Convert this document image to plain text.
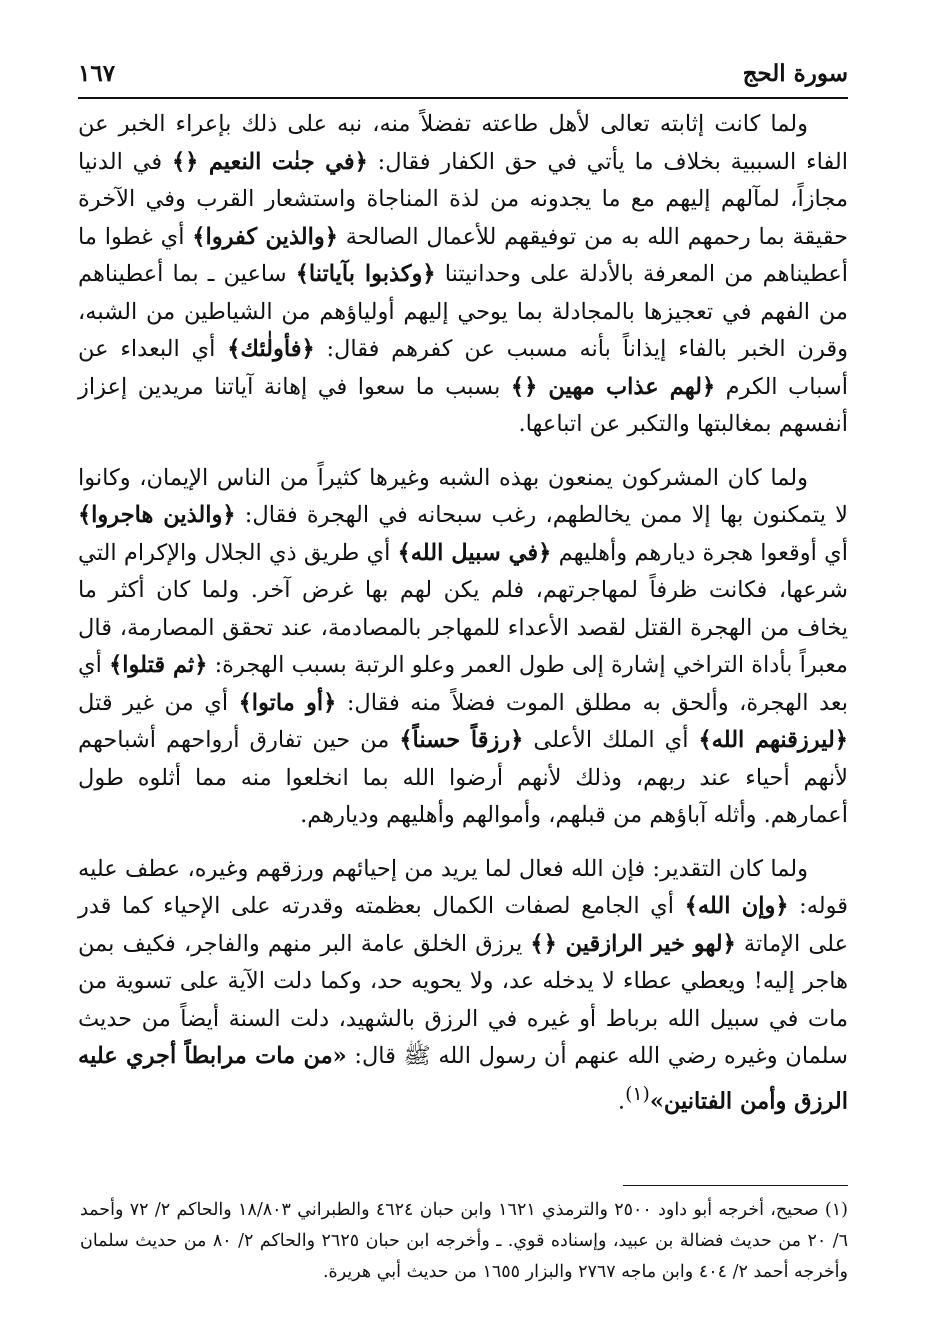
سورة الحج
١٦٧

ولما كانت إثابته تعالى لأهل طاعته تفضلاً منه، نبه على ذلك بإعراء الخبر عن الفاء السببية بخلاف ما يأتي في حق الكفار فقال: ﴿في جنٰت النعيم ﴿﴾ في الدنيا مجازاً، لمآلهم إليهم مع ما يجدونه من لذة المناجاة واستشعار القرب وفي الآخرة حقيقة بما رحمهم الله به من توفيقهم للأعمال الصالحة ﴿والذين كفروا﴾ أي غطوا ما أعطيناهم من المعرفة بالأدلة على وحدانيتنا ﴿وكذبوا بآياتنا﴾ ساعين ـ بما أعطيناهم من الفهم في تعجيزها بالمجادلة بما يوحي إليهم أولياؤهم من الشياطين من الشبه، وقرن الخبر بالفاء إيذاناً بأنه مسبب عن كفرهم فقال: ﴿فأولٰئك﴾ أي البعداء عن أسباب الكرم ﴿لهم عذاب مهين ﴿﴾ بسبب ما سعوا في إهانة آياتنا مريدين إعزاز أنفسهم بمغالبتها والتكبر عن اتباعها.

ولما كان المشركون يمنعون بهذه الشبه وغيرها كثيراً من الناس الإيمان، وكانوا لا يتمكنون بها إلا ممن يخالطهم، رغب سبحانه في الهجرة فقال: ﴿والذين هاجروا﴾ أي أوقعوا هجرة ديارهم وأهليهم ﴿في سبيل الله﴾ أي طريق ذي الجلال والإكرام التي شرعها، فكانت ظرفاً لمهاجرتهم، فلم يكن لهم بها غرض آخر. ولما كان أكثر ما يخاف من الهجرة القتل لقصد الأعداء للمهاجر بالمصادمة، عند تحقق المصارمة، قال معبراً بأداة التراخي إشارة إلى طول العمر وعلو الرتبة بسبب الهجرة: ﴿ثم قتلوا﴾ أي بعد الهجرة، وألحق به مطلق الموت فضلاً منه فقال: ﴿أو ماتوا﴾ أي من غير قتل ﴿ليرزقنهم الله﴾ أي الملك الأعلى ﴿رزقاً حسناً﴾ من حين تفارق أرواحهم أشباحهم لأنهم أحياء عند ربهم، وذلك لأنهم أرضوا الله بما انخلعوا منه مما أثلوه طول أعمارهم. وأثله آباؤهم من قبلهم، وأموالهم وأهليهم وديارهم.

ولما كان التقدير: فإن الله فعال لما يريد من إحيائهم ورزقهم وغيره، عطف عليه قوله: ﴿وإن الله﴾ أي الجامع لصفات الكمال بعظمته وقدرته على الإحياء كما قدر على الإماتة ﴿لهو خير الرازقين ﴿﴾ يرزق الخلق عامة البر منهم والفاجر، فكيف بمن هاجر إليه! ويعطي عطاء لا يدخله عد، ولا يحويه حد، وكما دلت الآية على تسوية من مات في سبيل الله برباط أو غيره في الرزق بالشهيد، دلت السنة أيضاً من حديث سلمان وغيره رضي الله عنهم أن رسول الله ﷺ قال: «من مات مرابطاً أجري عليه الرزق وأمن الفتانين»$^{(١)}$.

(١) صحيح، أخرجه أبو داود ٢٥٠٠ والترمذي ١٦٢١ وابن حبان ٤٦٢٤ والطبراني ١٨/٨٠٣ والحاكم ٢/ ٧٢ وأحمد ٦/ ٢٠ من حديث فضالة بن عبيد، وإسناده قوي. ـ وأخرجه ابن حبان ٢٦٢٥ والحاكم ٢/ ٨٠ من حديث سلمان وأخرجه أحمد ٢/ ٤٠٤ وابن ماجه ٢٧٦٧ والبزار ١٦٥٥ من حديث أبي هريرة.
